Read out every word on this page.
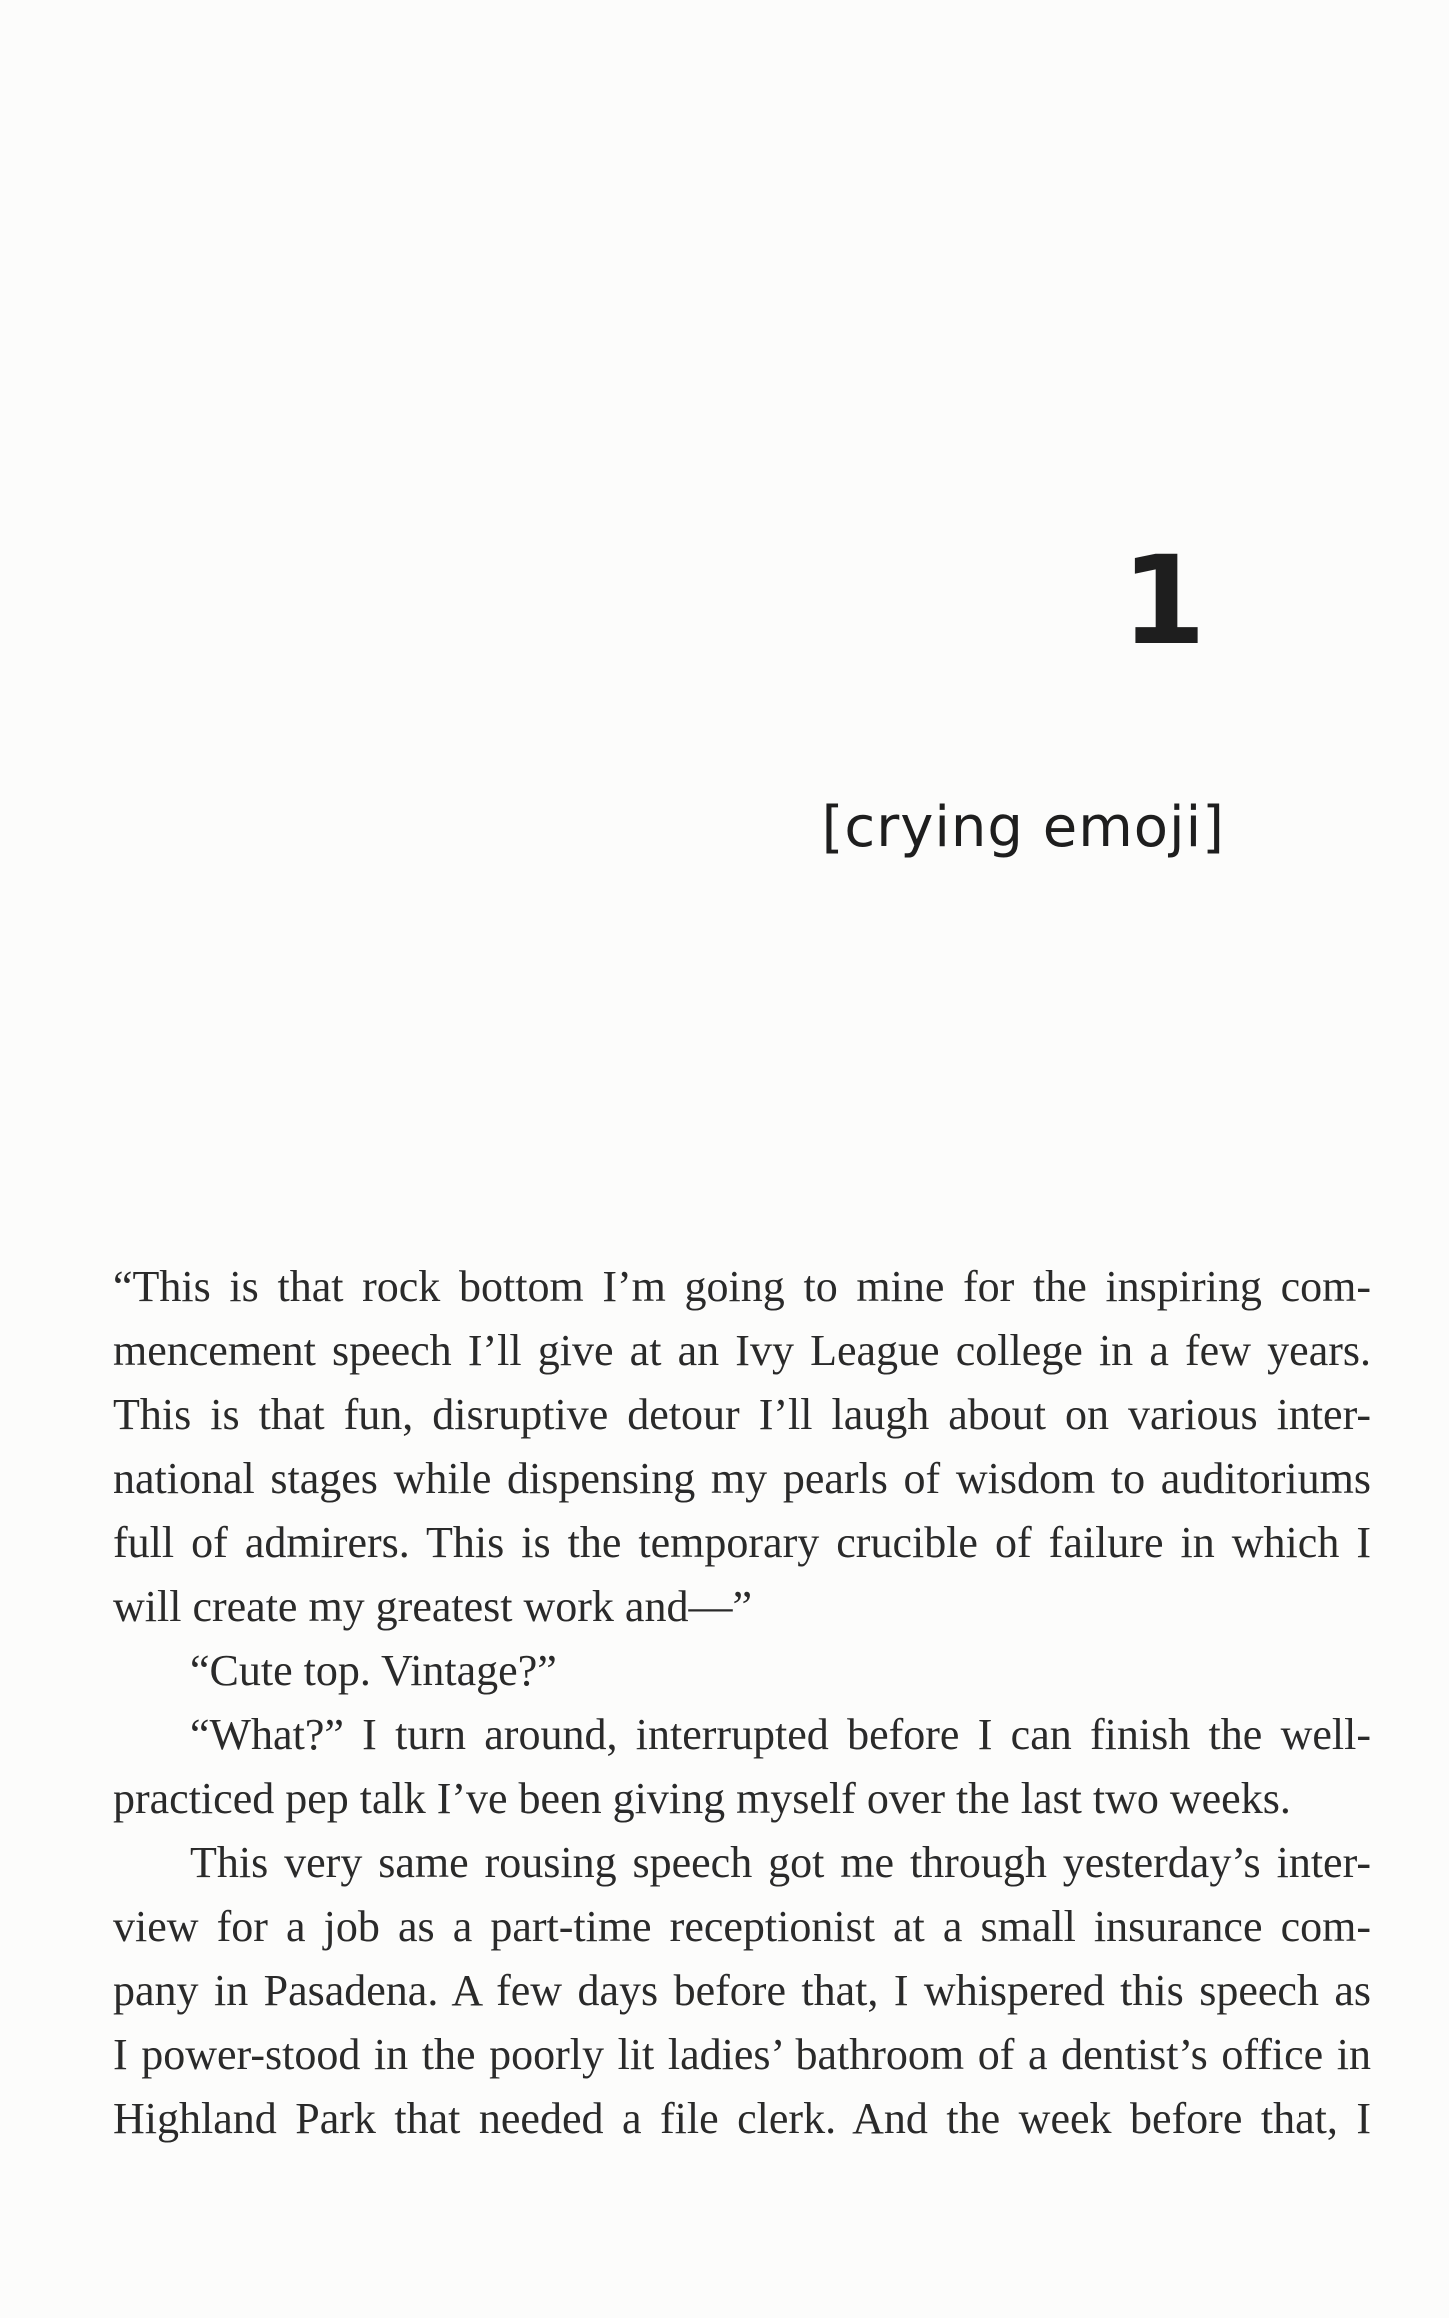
1
[crying emoji]

“This is that rock bottom I’m going to mine for the inspiring com-

mencement speech I’ll give at an Ivy League college in a few years.

This is that fun, disruptive detour I’ll laugh about on various inter-

national stages while dispensing my pearls of wisdom to auditoriums

full of admirers. This is the temporary crucible of failure in which I

will create my greatest work and—”

“Cute top. Vintage?”

“What?” I turn around, interrupted before I can finish the well-

practiced pep talk I’ve been giving myself over the last two weeks.

This very same rousing speech got me through yesterday’s inter-

view for a job as a part-time receptionist at a small insurance com-

pany in Pasadena. A few days before that, I whispered this speech as

I power-stood in the poorly lit ladies’ bathroom of a dentist’s office in

Highland Park that needed a file clerk. And the week before that, I
